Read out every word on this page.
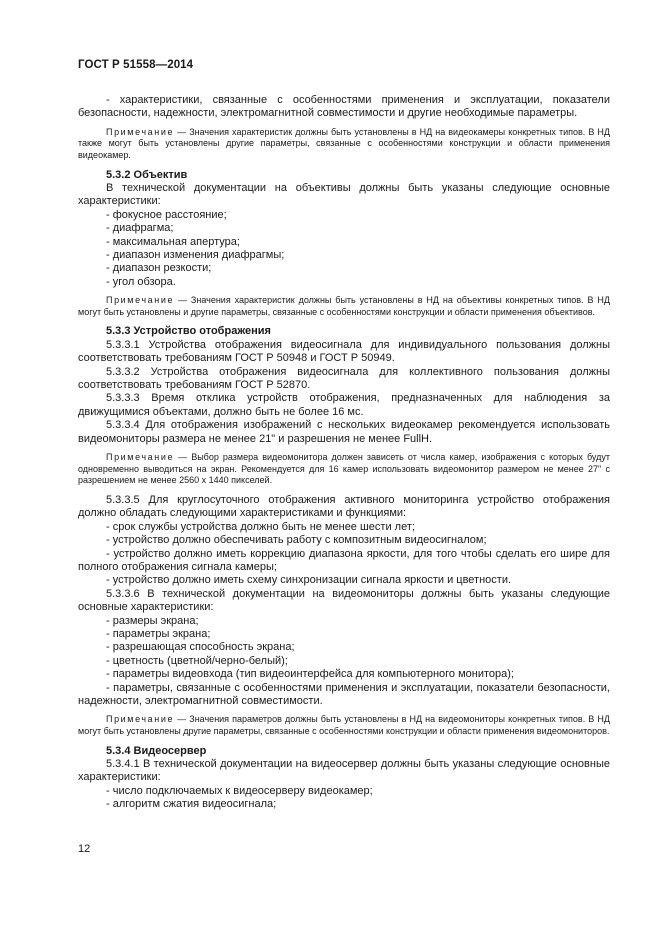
ГОСТ Р 51558—2014

- характеристики, связанные с особенностями применения и эксплуатации, показатели безопасности, надежности, электромагнитной совместимости и другие необходимые параметры.

Примечание — Значения характеристик должны быть установлены в НД на видеокамеры конкретных типов. В НД также могут быть установлены другие параметры, связанные с особенностями конструкции и области применения видеокамер.

5.3.2 Объектив

В технической документации на объективы должны быть указаны следующие основные характеристики:

- фокусное расстояние;

- диафрагма;

- максимальная апертура;

- диапазон изменения диафрагмы;

- диапазон резкости;

- угол обзора.

Примечание — Значения характеристик должны быть установлены в НД на объективы конкретных типов. В НД могут быть установлены и другие параметры, связанные с особенностями конструкции и области применения объективов.

5.3.3 Устройство отображения

5.3.3.1 Устройства отображения видеосигнала для индивидуального пользования должны соответствовать требованиям ГОСТ Р 50948 и ГОСТ Р 50949.

5.3.3.2 Устройства отображения видеосигнала для коллективного пользования должны соответствовать требованиям ГОСТ Р 52870.

5.3.3.3 Время отклика устройств отображения, предназначенных для наблюдения за движущимися объектами, должно быть не более 16 мс.

5.3.3.4 Для отображения изображений с нескольких видеокамер рекомендуется использовать видеомониторы размера не менее 21" и разрешения не менее FullH.

Примечание — Выбор размера видеомонитора должен зависеть от числа камер, изображения с которых будут одновременно выводиться на экран. Рекомендуется для 16 камер использовать видеомонитор размером не менее 27" с разрешением не менее 2560 x 1440 пикселей.

5.3.3.5 Для круглосуточного отображения активного мониторинга устройство отображения должно обладать следующими характеристиками и функциями:

- срок службы устройства должно быть не менее шести лет;

- устройство должно обеспечивать работу с композитным видеосигналом;

- устройство должно иметь коррекцию диапазона яркости, для того чтобы сделать его шире для полного отображения сигнала камеры;

- устройство должно иметь схему синхронизации сигнала яркости и цветности.

5.3.3.6 В технической документации на видеомониторы должны быть указаны следующие основные характеристики:

- размеры экрана;

- параметры экрана;

- разрешающая способность экрана;

- цветность (цветной/черно-белый);

- параметры видеовхода (тип видеоинтерфейса для компьютерного монитора);

- параметры, связанные с особенностями применения и эксплуатации, показатели безопасности, надежности, электромагнитной совместимости.

Примечание — Значения параметров должны быть установлены в НД на видеомониторы конкретных типов. В НД могут быть установлены другие параметры, связанные с особенностями конструкции и области применения видеомониторов.

5.3.4 Видеосервер

5.3.4.1 В технической документации на видеосервер должны быть указаны следующие основные характеристики:

- число подключаемых к видеосерверу видеокамер;

- алгоритм сжатия видеосигнала;

12
